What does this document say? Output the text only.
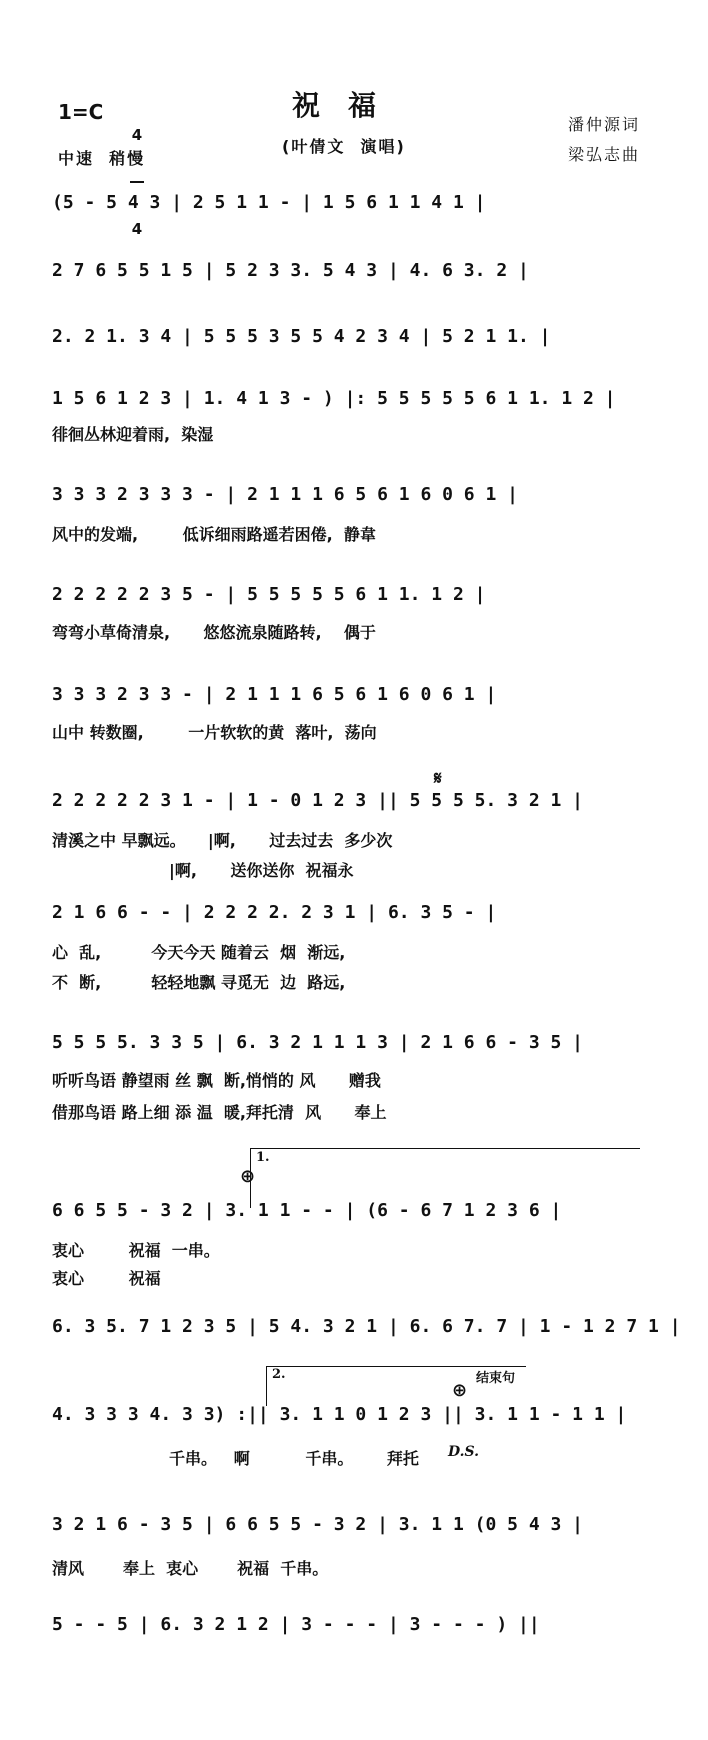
1=C

4

4

中速  稍慢
祝福
(叶倩文  演唱)
潘仲源词
梁弘志曲
(5 - 5 4 3 | 2 5 1 1 - | 1 5 6 1 1 4 1 |
2 7 6 5 5 1 5 | 5 2 3 3. 5 4 3 | 4. 6 3. 2 |
2. 2 1. 3 4 | 5 5 5 3 5 5 4 2 3 4 | 5 2 1 1. |
1 5 6 1 2 3 | 1. 4 1 3 - ) |: 5 5 5 5 5 6 1 1. 1 2 |
徘徊丛林迎着雨,  染湿
3 3 3 2 3 3 3 - | 2 1 1 1 6 5 6 1 6 0 6 1 |
风中的发端,        低诉细雨路遥若困倦,  静韋
2 2 2 2 2 3 5 - | 5 5 5 5 5 6 1 1. 1 2 |
弯弯小草倚清泉,      悠悠流泉随路转,    偶于
3 3 3 2 3 3 - | 2 1 1 1 6 5 6 1 6 0 6 1 |
山中 转数圈,        一片软软的黄  落叶,  荡向
𝄋
2 2 2 2 2 3 1 - | 1 - 0 1 2 3 || 5 5 5 5. 3 2 1 |
清溪之中 早飘远。    |啊,      过去过去  多少次
|啊,      送你送你  祝福永
2 1 6 6 - - | 2 2 2 2. 2 3 1 | 6. 3 5 - |
心  乱,         今天今天 随着云  烟  渐远,
不  断,         轻轻地飘 寻觅无  边  路远,
5 5 5 5. 3 3 5 | 6. 3 2 1 1 1 3 | 2 1 6 6 - 3 5 |
听听鸟语 静望雨 丝 飘  断,悄悄的 风      赠我
借那鸟语 路上细 添 温  暖,拜托清  风      奉上
1.
⊕
6 6 5 5 - 3 2 | 3. 1 1 - - | (6 - 6 7 1 2 3 6 |
衷心        祝福  一串。
衷心        祝福
6. 3 5. 7 1 2 3 5 | 5 4. 3 2 1 | 6. 6 7. 7 | 1 - 1 2 7 1 |
2.	结束句
⊕
4. 3 3 3 4. 3 3) :|| 3. 1 1 0 1 2 3 || 3. 1 1 - 1 1 |
千串。   啊          千串。      拜托 D.S.
3 2 1 6 - 3 5 | 6 6 5 5 - 3 2 | 3. 1 1 (0 5 4 3 |
清风       奉上  衷心       祝福  千串。
5 - - 5 | 6. 3 2 1 2 | 3 - - - | 3 - - - ) ||
